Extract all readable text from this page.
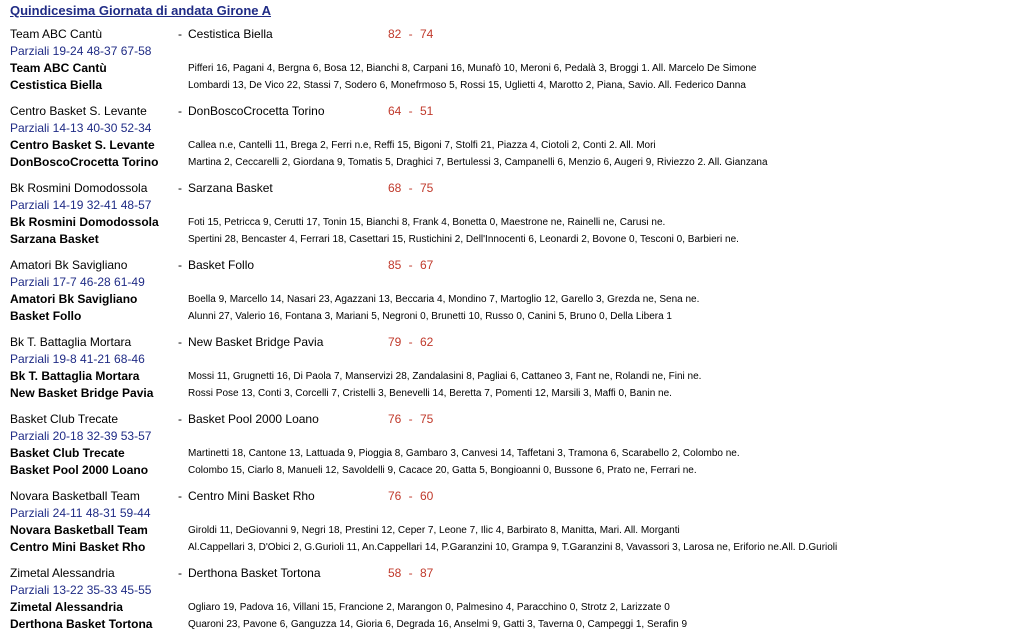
Quindicesima Giornata di andata Girone A
Team ABC Cantù	- Cestistica Biella	82 - 74
Parziali 19-24 48-37 67-58
Team ABC Cantù	Pifferi 16, Pagani 4, Bergna 6, Bosa 12, Bianchi 8, Carpani 16, Munafò 10, Meroni 6, Pedalà 3, Broggi 1. All. Marcelo De Simone
Cestistica Biella	Lombardi 13, De Vico 22, Stassi 7, Sodero 6, Monefrmoso 5, Rossi 15, Uglietti 4, Marotto 2, Piana, Savio. All. Federico Danna
Centro Basket S. Levante	- DonBoscoCrocetta Torino	64 - 51
Parziali 14-13 40-30 52-34
Centro Basket S. Levante	Callea n.e, Cantelli 11, Brega 2, Ferri n.e, Reffi 15, Bigoni 7, Stolfi 21, Piazza 4, Ciotoli 2, Conti 2. All. Mori
DonBoscoCrocetta Torino	Martina 2, Ceccarelli 2, Giordana 9, Tomatis 5, Draghici 7, Bertulessi 3, Campanelli 6, Menzio 6, Augeri 9, Riviezzo 2. All. Gianzana
Bk Rosmini Domodossola	- Sarzana Basket	68 - 75
Parziali 14-19 32-41 48-57
Bk Rosmini Domodossola	Foti 15, Petricca 9, Cerutti 17, Tonin 15, Bianchi 8, Frank 4, Bonetta 0, Maestrone ne, Rainelli ne, Carusi ne.
Sarzana Basket	Spertini 28, Bencaster 4, Ferrari 18, Casettari 15, Rustichini 2, Dell'Innocenti 6, Leonardi 2, Bovone 0, Tesconi 0, Barbieri ne.
Amatori Bk Savigliano	- Basket Follo	85 - 67
Parziali 17-7 46-28 61-49
Amatori Bk Savigliano	Boella 9, Marcello 14, Nasari 23, Agazzani 13, Beccaria 4, Mondino 7, Martoglio 12, Garello 3, Grezda ne, Sena ne.
Basket Follo	Alunni 27, Valerio 16, Fontana 3, Mariani 5, Negroni 0, Brunetti 10, Russo 0, Canini 5, Bruno 0, Della Libera 1
Bk T. Battaglia Mortara	- New Basket Bridge Pavia	79 - 62
Parziali 19-8 41-21 68-46
Bk T. Battaglia Mortara	Mossi 11, Grugnetti 16, Di Paola 7, Manservizi 28, Zandalasini 8, Pagliai 6, Cattaneo 3, Fant ne, Rolandi ne, Fini ne.
New Basket Bridge Pavia	Rossi Pose 13, Conti 3, Corcelli 7, Cristelli 3, Benevelli 14, Beretta 7, Pomenti 12, Marsili 3, Maffi 0, Banin ne.
Basket Club Trecate	- Basket Pool 2000 Loano	76 - 75
Parziali 20-18 32-39 53-57
Basket Club Trecate	Martinetti 18, Cantone 13, Lattuada 9, Pioggia 8, Gambaro 3, Canvesi 14, Taffetani 3, Tramona 6, Scarabello 2, Colombo ne.
Basket Pool 2000 Loano	Colombo 15, Ciarlo 8, Manueli 12, Savoldelli 9, Cacace 20, Gatta 5, Bongioanni 0, Bussone 6, Prato ne, Ferrari ne.
Novara Basketball Team	- Centro Mini Basket Rho	76 - 60
Parziali 24-11 48-31 59-44
Novara Basketball Team	Giroldi 11, DeGiovanni 9, Negri 18, Prestini 12, Ceper 7, Leone 7, Ilic 4, Barbirato 8, Manitta, Mari. All. Morganti
Centro Mini Basket Rho	Al.Cappellari 3, D'Obici 2, G.Gurioli 11, An.Cappellari 14, P.Garanzini 10, Grampa 9, T.Garanzini 8, Vavassori 3, Larosa ne, Eriforio ne.All. D.Gurioli
Zimetal Alessandria	- Derthona Basket Tortona	58 - 87
Parziali 13-22 35-33 45-55
Zimetal Alessandria	Ogliaro 19, Padova 16, Villani 15, Francione 2, Marangon 0, Palmesino 4, Paracchino 0, Strotz 2, Larizzate 0
Derthona Basket Tortona	Quaroni 23, Pavone 6, Ganguzza 14, Gioria 6, Degrada 16, Anselmi 9, Gatti 3, Taverna 0, Campeggi 1, Serafin 9
